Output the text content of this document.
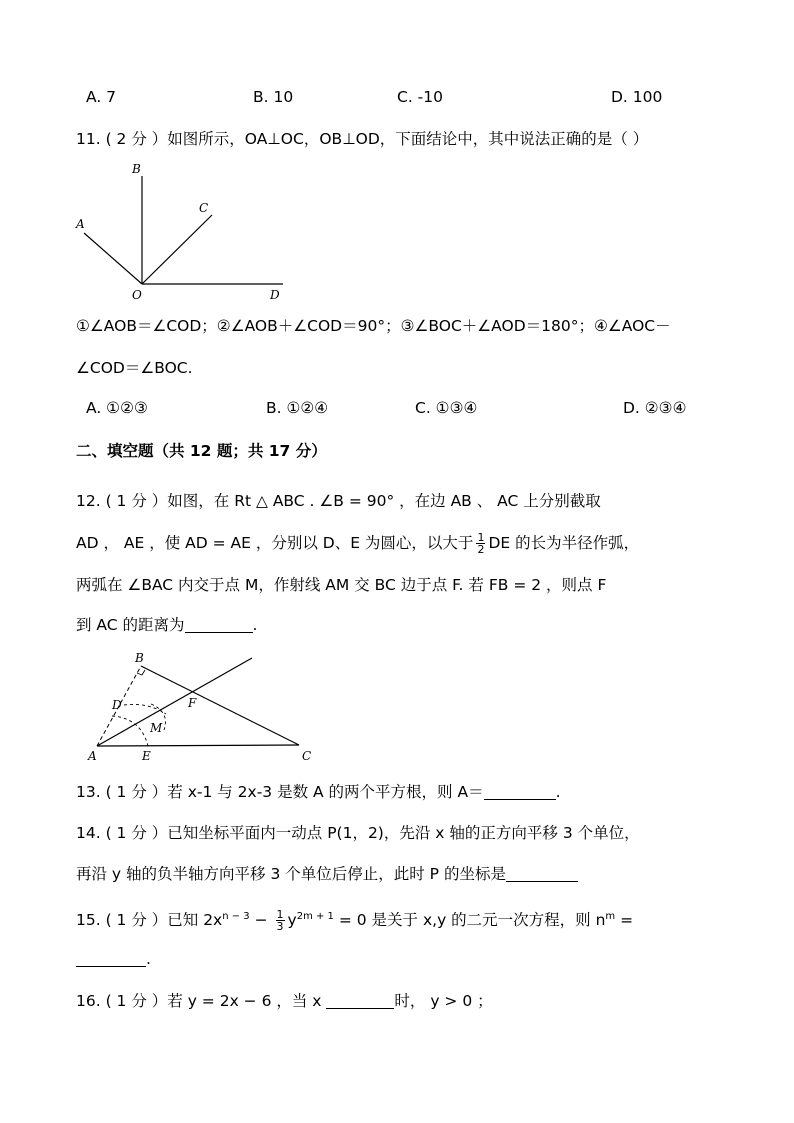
A. 7	B. 10	C. -10	D. 100
11. ( 2 分 ）如图所示，OA⊥OC，OB⊥OD，下面结论中，其中说法正确的是（ ）
B
A
C
O	D
①∠AOB＝∠COD；②∠AOB＋∠COD＝90°；③∠BOC＋∠AOD＝180°；④∠AOC－
∠COD＝∠BOC.
A. ①②③	B. ①②④	C. ①③④	D. ②③④
二、填空题（共 12 题；共 17 分）
12. ( 1 分 ）如图，在 Rt △ ABC . ∠B = 90° ，在边 AB 、 AC 上分别截取
AD ， AE ，使 AD = AE ，分别以 D、E 为圆心，以大于 $\frac{1}{2}$ DE 的长为半径作弧，
两弧在 ∠BAC 内交于点 M，作射线 AM 交 BC 边于点 F. 若 FB = 2 ，则点 F
到 AC 的距离为	.
B
D	F
M
A	E	C
13. ( 1 分 ）若 x-1 与 2x-3 是数 A 的两个平方根，则 A＝	.
14. ( 1 分 ）已知坐标平面内一动点 P(1，2)，先沿 x 轴的正方向平移 3 个单位，
再沿 y 轴的负半轴方向平移 3 个单位后停止，此时 P 的坐标是
15. ( 1 分 ）已知 $2x^{n - 3} - \frac{1}{3} y^{2m + 1} = 0$ 是关于 x,y 的二元一次方程，则 $n^m$ =
.
16. ( 1 分 ）若 y = 2x − 6 ，当 x	时， y > 0 ；
